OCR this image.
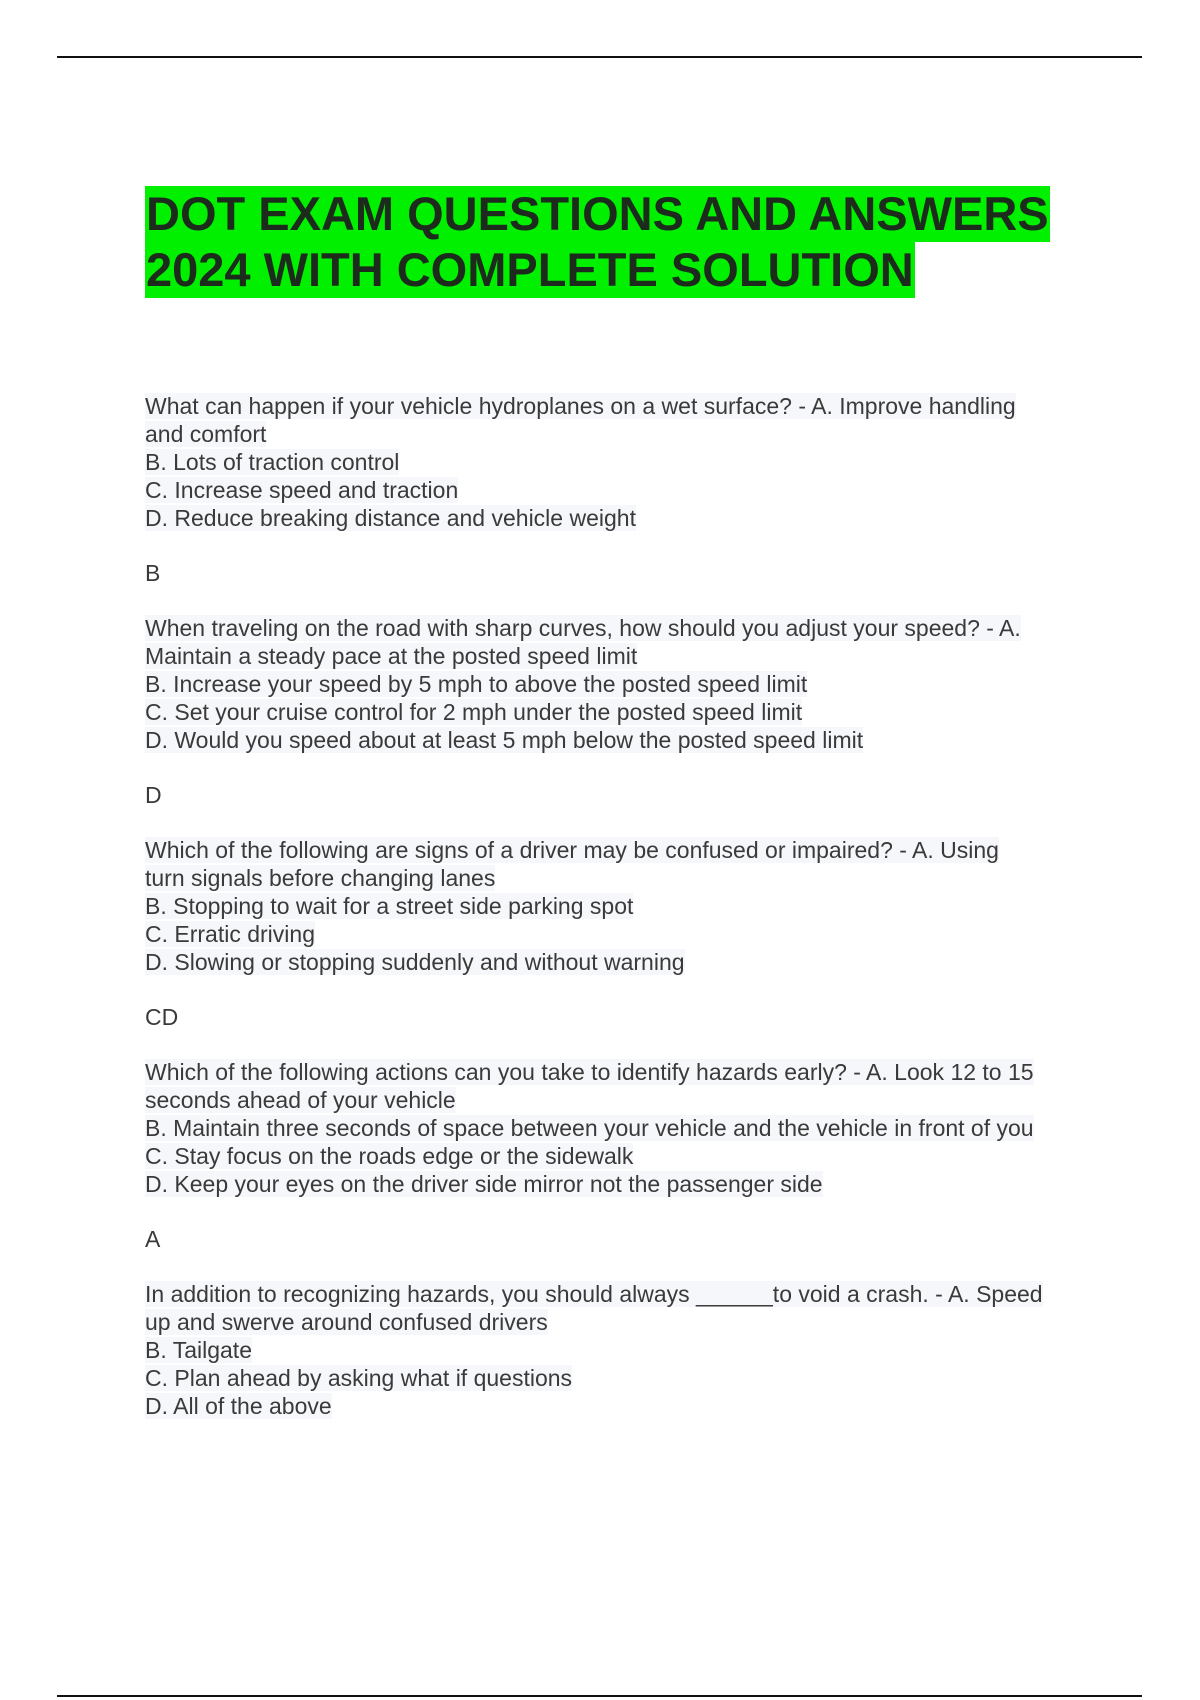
DOT EXAM QUESTIONS AND ANSWERS
2024 WITH COMPLETE SOLUTION
What can happen if your vehicle hydroplanes on a wet surface? - A. Improve handling
and comfort
B. Lots of traction control
C. Increase speed and traction
D. Reduce breaking distance and vehicle weight

B
When traveling on the road with sharp curves, how should you adjust your speed? - A.
Maintain a steady pace at the posted speed limit
B. Increase your speed by 5 mph to above the posted speed limit
C. Set your cruise control for 2 mph under the posted speed limit
D. Would you speed about at least 5 mph below the posted speed limit

D
Which of the following are signs of a driver may be confused or impaired? - A. Using
turn signals before changing lanes
B. Stopping to wait for a street side parking spot
C. Erratic driving
D. Slowing or stopping suddenly and without warning

CD
Which of the following actions can you take to identify hazards early? - A. Look 12 to 15
seconds ahead of your vehicle
B. Maintain three seconds of space between your vehicle and the vehicle in front of you
C. Stay focus on the roads edge or the sidewalk
D. Keep your eyes on the driver side mirror not the passenger side

A
In addition to recognizing hazards, you should always ______to void a crash. - A. Speed
up and swerve around confused drivers
B. Tailgate
C. Plan ahead by asking what if questions
D. All of the above
